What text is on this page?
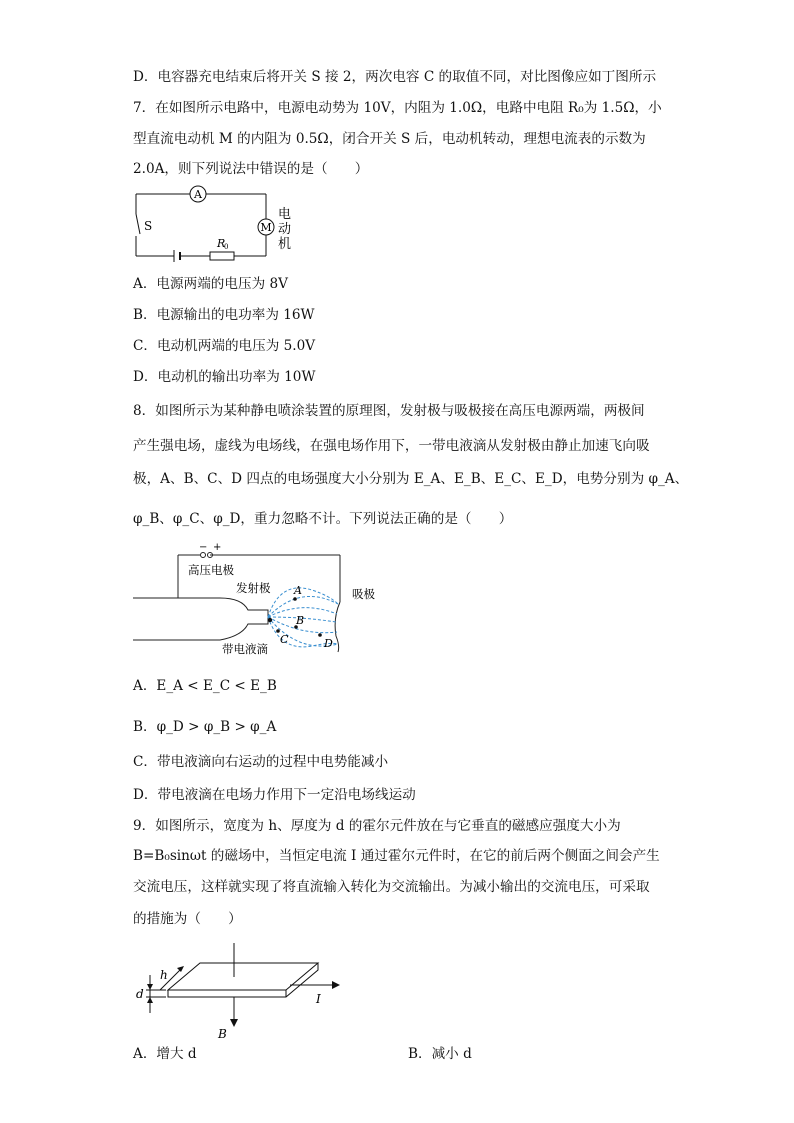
D．电容器充电结束后将开关 S 接 2，两次电容 C 的取值不同，对比图像应如丁图所示
7．在如图所示电路中，电源电动势为 10V，内阻为 1.0Ω，电路中电阻 R₀为 1.5Ω，小
型直流电动机 M 的内阻为 0.5Ω，闭合开关 S 后，电动机转动，理想电流表的示数为
2.0A，则下列说法中错误的是（　　）
A
M
S
R
0
电
动
机
A．电源两端的电压为 8V
B．电源输出的电功率为 16W
C．电动机两端的电压为 5.0V
D．电动机的输出功率为 10W
8．如图所示为某种静电喷涂装置的原理图，发射极与吸极接在高压电源两端，两极间
产生强电场，虚线为电场线，在强电场作用下，一带电液滴从发射极由静止加速飞向吸
极，A、B、C、D 四点的电场强度大小分别为 E_A、E_B、E_C、E_D，电势分别为 φ_A、
φ_B、φ_C、φ_D，重力忽略不计。下列说法正确的是（　　）
− +
高压电极
发射极	吸极
带电液滴
A
B
C	D
A．E_A < E_C < E_B
B．φ_D > φ_B > φ_A
C．带电液滴向右运动的过程中电势能减小
D．带电液滴在电场力作用下一定沿电场线运动
9．如图所示，宽度为 h、厚度为 d 的霍尔元件放在与它垂直的磁感应强度大小为
B=B₀sinωt 的磁场中，当恒定电流 I 通过霍尔元件时，在它的前后两个侧面之间会产生
交流电压，这样就实现了将直流输入转化为交流输出。为减小输出的交流电压，可采取
的措施为（　　）
h
d	I
B
A．增大 d	B．减小 d
